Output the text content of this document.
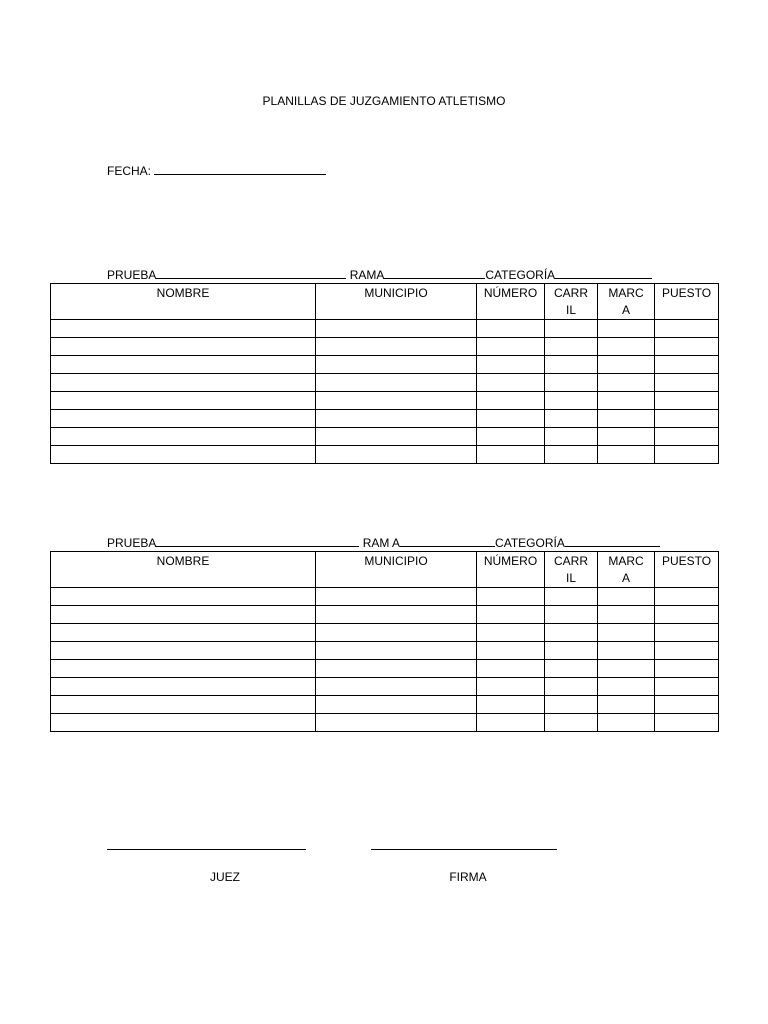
PLANILLAS DE JUZGAMIENTO ATLETISMO
FECHA:
PRUEBA	RAMA	CATEGORÍA
NOMBRE	MUNICIPIO	NÚMERO	CARRIL	MARCA	PUESTO

PRUEBA	RAM A	CATEGORÍA
NOMBRE	MUNICIPIO	NÚMERO	CARRIL	MARCA	PUESTO

JUEZ	FIRMA
